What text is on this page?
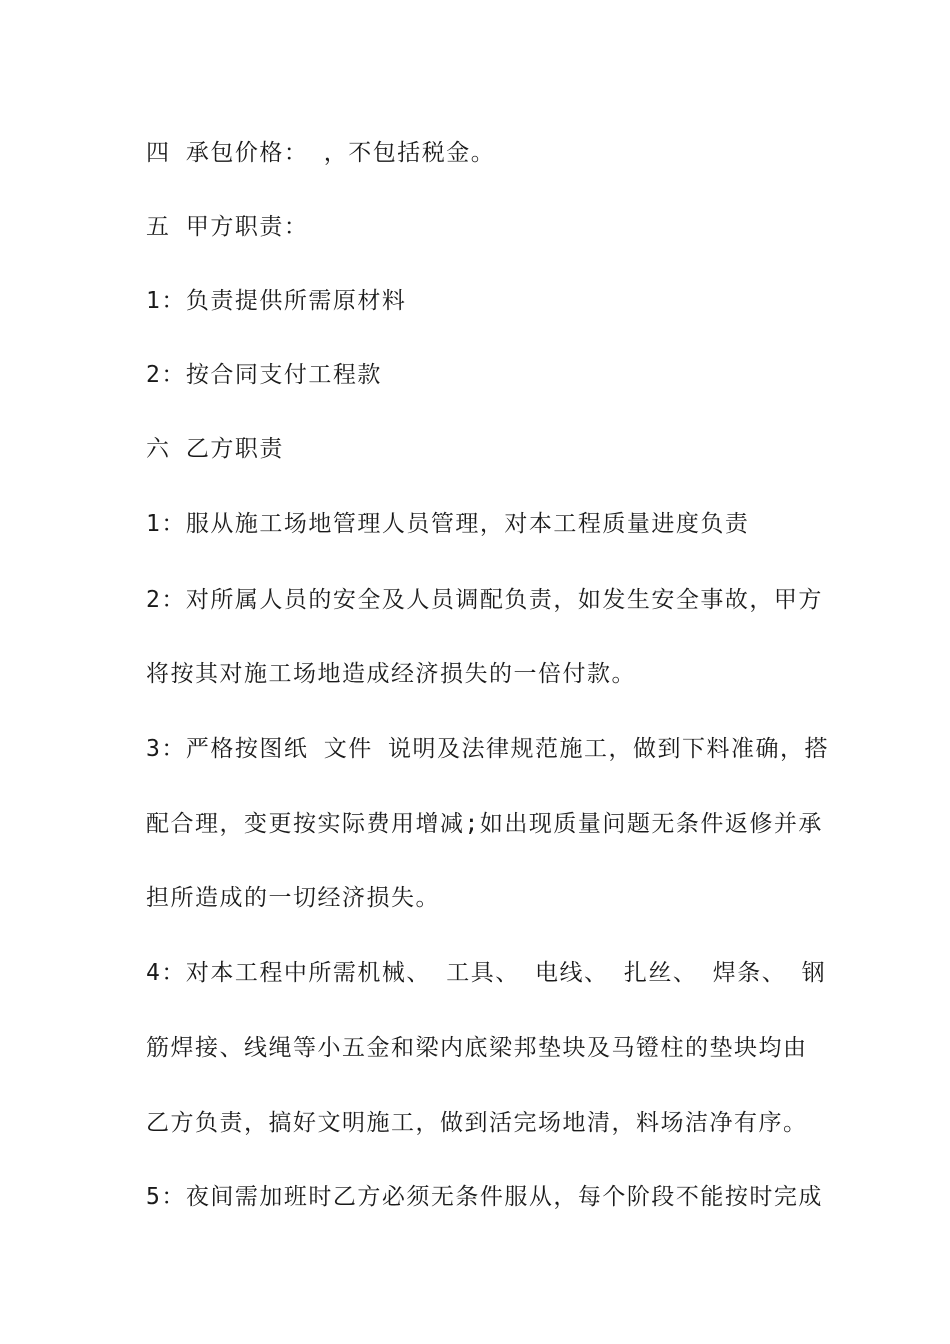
四 承包价格： ，不包括税金。
五 甲方职责：
1：负责提供所需原材料
2：按合同支付工程款
六 乙方职责
1：服从施工场地管理人员管理，对本工程质量进度负责
2：对所属人员的安全及人员调配负责，如发生安全事故，甲方
将按其对施工场地造成经济损失的一倍付款。
3：严格按图纸 文件 说明及法律规范施工，做到下料准确，搭
配合理，变更按实际费用增减;如出现质量问题无条件返修并承
担所造成的一切经济损失。
4：对本工程中所需机械、 工具、 电线、 扎丝、 焊条、 钢
筋焊接、线绳等小五金和梁内底梁邦垫块及马镫柱的垫块均由
乙方负责，搞好文明施工，做到活完场地清，料场洁净有序。
5：夜间需加班时乙方必须无条件服从，每个阶段不能按时完成
